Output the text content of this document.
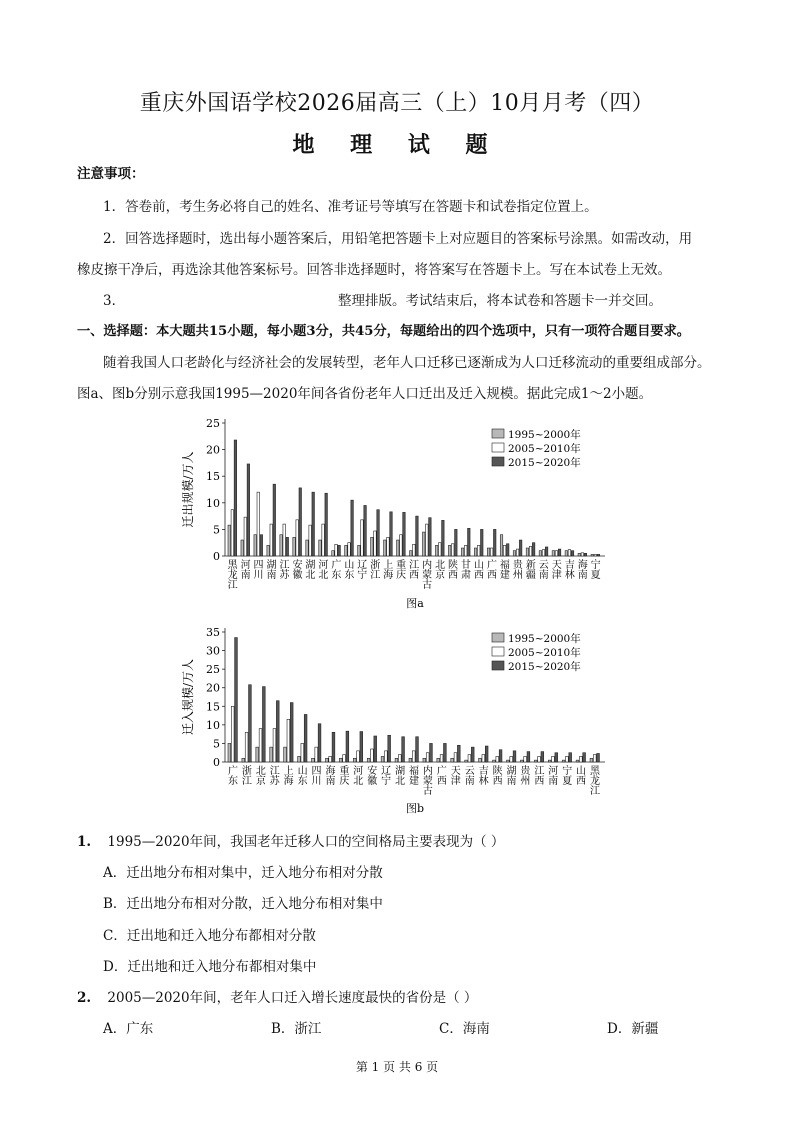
重庆外国语学校2026届高三（上）10月月考（四）
地 理 试 题
注意事项：
1．答卷前，考生务必将自己的姓名、准考证号等填写在答题卡和试卷指定位置上。
2．回答选择题时，选出每小题答案后，用铅笔把答题卡上对应题目的答案标号涂黑。如需改动，用
橡皮擦干净后，再选涂其他答案标号。回答非选择题时，将答案写在答题卡上。写在本试卷上无效。
3．	整理排版。考试结束后，将本试卷和答题卡一并交回。
一、选择题：本大题共15小题，每小题3分，共45分，每题给出的四个选项中，只有一项符合题目要求。
随着我国人口老龄化与经济社会的发展转型，老年人口迁移已逐渐成为人口迁移流动的重要组成部分。
图a、图b分别示意我国1995—2020年间各省份老年人口迁出及迁入规模。据此完成1～2小题。
迁出规模/万人
0
5
10
15
20
25
黑龙江
河南
四川
湖南
江苏
安徽
湖北
河北
广东
山东
辽宁
浙江
上海
重庆
江西
内蒙古
北京
陕西
甘肃
山西
广西
福建
贵州
新疆
云南
天津
吉林
海南
宁夏
1995~2000年
2005~2010年
2015~2020年
图a
迁入规模/万人
0
5
10
15
20
25
30
35
广东
浙江
北京
江苏
上海
山东
四川
海南
重庆
河北
安徽
辽宁
湖北
福建
内蒙古
广西
天津
云南
吉林
陕西
湖南
贵州
江西
河南
宁夏
山西
黑龙江
1995~2000年
2005~2010年
2015~2020年
图b
1. 1995—2020年间，我国老年迁移人口的空间格局主要表现为（ ）
A．迁出地分布相对集中，迁入地分布相对分散
B．迁出地分布相对分散，迁入地分布相对集中
C．迁出地和迁入地分布都相对分散
D．迁出地和迁入地分布都相对集中
2. 2005—2020年间，老年人口迁入增长速度最快的省份是（ ）
A．广东	B．浙江	C．海南	D．新疆
第 1 页 共 6 页
